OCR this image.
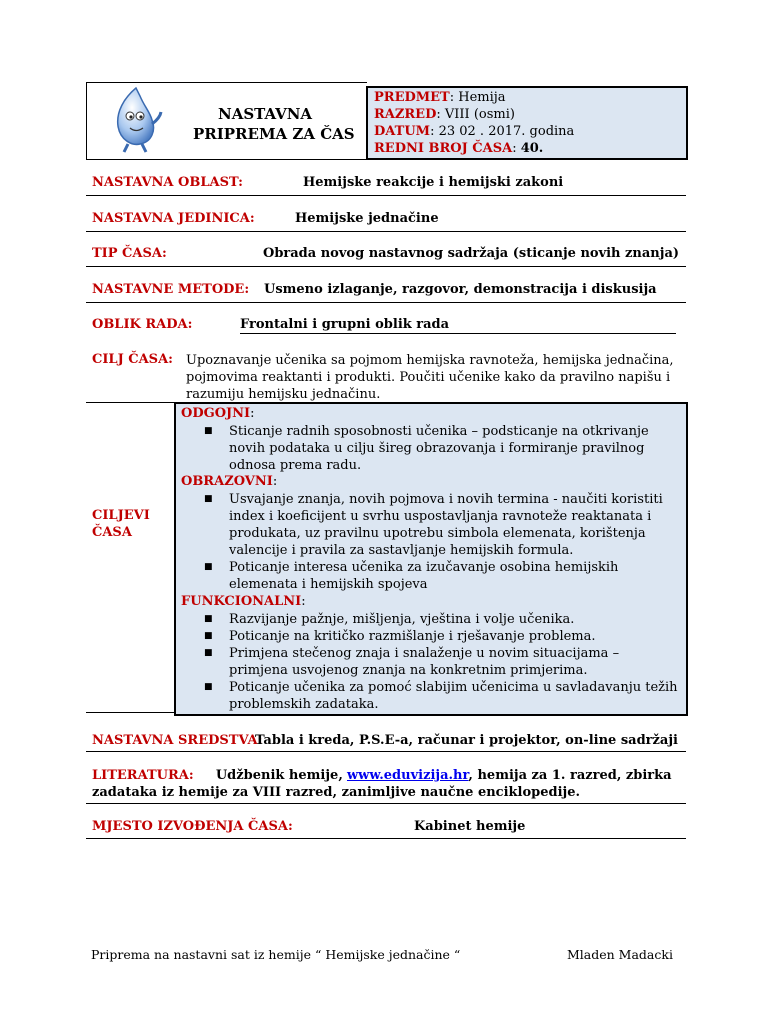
NASTAVNA
PRIPREMA ZA ČAS
PREDMET: Hemija
RAZRED: VIII (osmi)
DATUM: 23 02 . 2017. godina
REDNI BROJ ČASA: 40.
NASTAVNA OBLAST:	Hemijske reakcije i hemijski zakoni
NASTAVNA JEDINICA:	Hemijske jednačine
TIP ČASA:	Obrada novog nastavnog sadržaja (sticanje novih znanja)
NASTAVNE METODE: Usmeno izlaganje, razgovor, demonstracija i diskusija
OBLIK RADA:	Frontalni i grupni oblik rada
CILJ ČASA: Upoznavanje učenika sa pojmom hemijska ravnoteža, hemijska jednačina,
pojmovima reaktanti i produkti. Poučiti učenike kako da pravilno napišu i
razumiju hemijsku jednačinu.
CILJEVI
ČASA
ODGOJNI:
■ Sticanje radnih sposobnosti učenika – podsticanje na otkrivanje
novih podataka u cilju šireg obrazovanja i formiranje pravilnog
odnosa prema radu.
OBRAZOVNI:
■ Usvajanje znanja, novih pojmova i novih termina - naučiti koristiti
index i koeficijent u svrhu uspostavljanja ravnoteže reaktanata i
produkata, uz pravilnu upotrebu simbola elemenata, korištenja
valencije i pravila za sastavljanje hemijskih formula.
■ Poticanje interesa učenika za izučavanje osobina hemijskih
elemenata i hemijskih spojeva
FUNKCIONALNI:
■ Razvijanje pažnje, mišljenja, vještina i volje učenika.
■ Poticanje na kritičko razmišlanje i rješavanje problema.
■ Primjena stečenog znaja i snalaženje u novim situacijama –
primjena usvojenog znanja na konkretnim primjerima.
■ Poticanje učenika za pomoć slabijim učenicima u savladavanju težih
problemskih zadataka.
NASTAVNA SREDSTVA:
Tabla i kreda, P.S.E-a, računar i projektor, on-line sadržaji
LITERATURA: Udžbenik hemije, www.eduvizija.hr, hemija za 1. razred, zbirka
zadataka iz hemije za VIII razred, zanimljive naučne enciklopedije.
MJESTO IZVOĐENJA ČASA:	Kabinet hemije
Priprema na nastavni sat iz hemije “ Hemijske jednačine “	Mladen Madacki
